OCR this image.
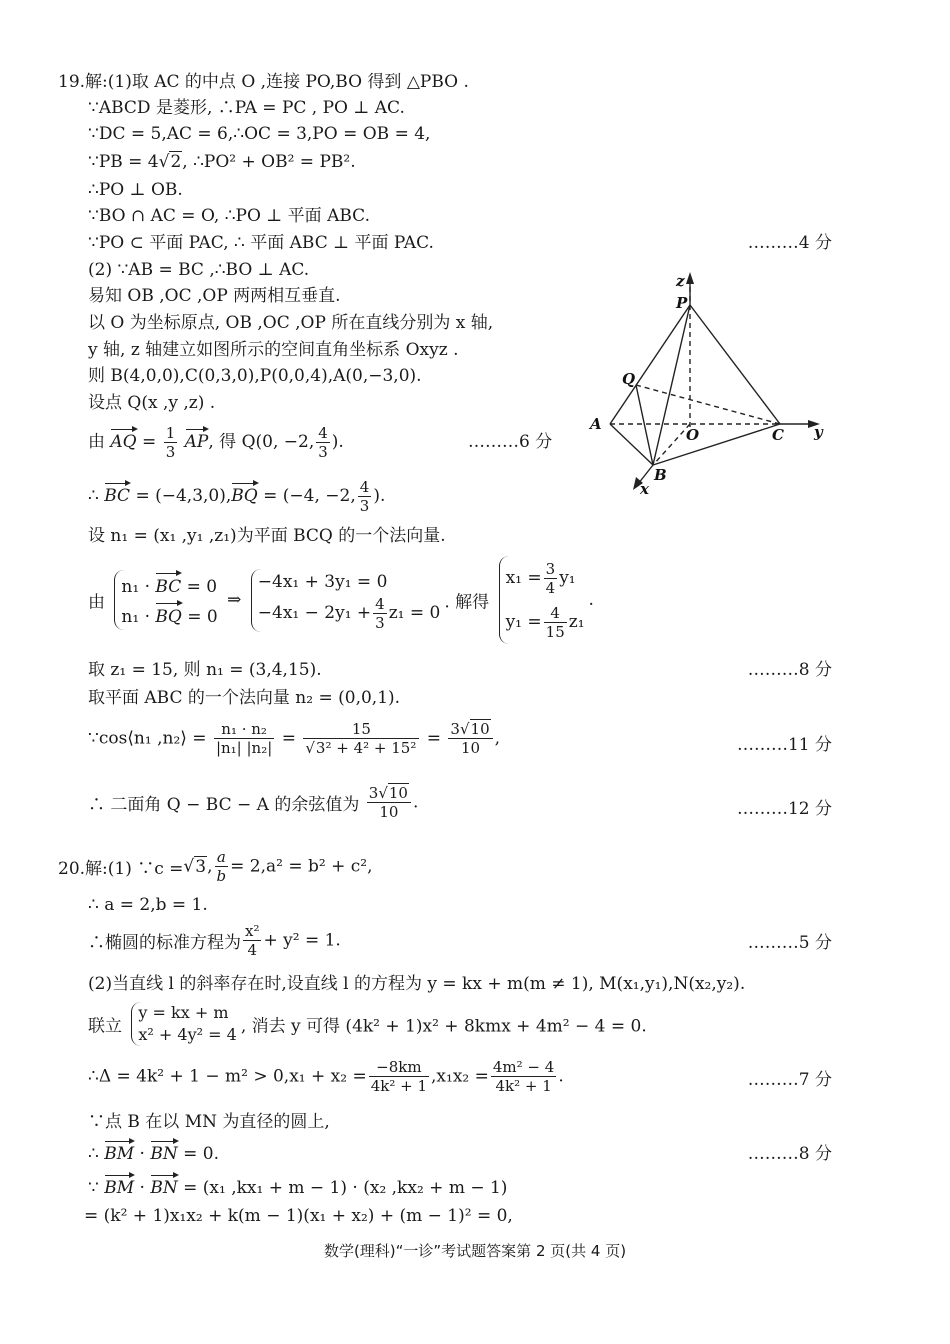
19.解:(1)取 AC 的中点 O ,连接 PO,BO 得到 △PBO .
∵ABCD 是菱形, ∴PA = PC , PO ⊥ AC.
∵DC = 5,AC = 6,∴OC = 3,PO = OB = 4,
∵PB = 4√2, ∴PO² + OB² = PB².
∴PO ⊥ OB.
∵BO ∩ AC = O, ∴PO ⊥ 平面 ABC.
∵PO ⊂ 平面 PAC, ∴ 平面 ABC ⊥ 平面 PAC.	………4 分
(2) ∵AB = BC ,∴BO ⊥ AC.
易知 OB ,OC ,OP 两两相互垂直.
以 O 为坐标原点, OB ,OC ,OP 所在直线分别为 x 轴,
y 轴, z 轴建立如图所示的空间直角坐标系 Oxyz .
则 B(4,0,0),C(0,3,0),P(0,0,4),A(0,−3,0).
设点 Q(x ,y ,z) .
由 AQ = $\frac{1}{3}$ AP, 得 Q(0, −2, $\frac{4}{3}$ ).	………6 分
∴ BC = (−4,3,0),BQ = (−4, −2, $\frac{4}{3}$ ).
设 n₁ = (x₁ ,y₁ ,z₁)为平面 BCQ 的一个法向量.
由
n₁ · BC = 0
n₁ · BQ = 0
⇒
−4x₁ + 3y₁ = 0
$-4x_1 - 2y_1 + \frac{4}{3} z_1 = 0$ . 解得
$x_1 = \frac{3}{4} y_1$
$y_1 = \frac{4}{15} z_1$
.
取 z₁ = 15, 则 n₁ = (3,4,15).	………8 分
取平面 ABC 的一个法向量 n₂ = (0,0,1).
∵cos⟨n₁ ,n₂⟩ = $\frac{\text{n₁ · n₂}}{\text{|n₁| |n₂|}} = \frac{15}{\text{√3² + 4² + 15²}} = \frac{3√10}{10}$ ,	………11 分
∴ 二面角 Q − BC − A 的余弦值为 $\frac{3√10}{10}$ .	………12 分
z
P
Q
A
O	C y
B
x
20.解:(1) ∵c =√3, $\frac{a}{b} = 2,a^2 = b^2 + c^2$,
∴ a = 2,b = 1.
∴椭圆的标准方程为 $\frac{\text{x²}}{4} + y^2 = 1$.	………5 分
(2)当直线 l 的斜率存在时,设直线 l 的方程为 y = kx + m(m ≠ 1), M(x₁,y₁),N(x₂,y₂).
联立
y = kx + m
x² + 4y² = 4 , 消去 y 可得 (4k² + 1)x² + 8kmx + 4m² − 4 = 0.
∴Δ = $4k^2 + 1 - m^2 > 0,x_1 + x_2 = \frac{-8km}{\text{4k² + 1}} ,x_1x_2 = \frac{\text{4m² − 4}}{\text{4k² + 1}}$ .	………7 分
∵点 B 在以 MN 为直径的圆上,
∴ BM · BN = 0.	………8 分
∵ BM · BN = (x₁ ,kx₁ + m − 1) · (x₂ ,kx₂ + m − 1)
= (k² + 1)x₁x₂ + k(m − 1)(x₁ + x₂) + (m − 1)² = 0,
数学(理科)“一诊”考试题答案第 2 页(共 4 页)
